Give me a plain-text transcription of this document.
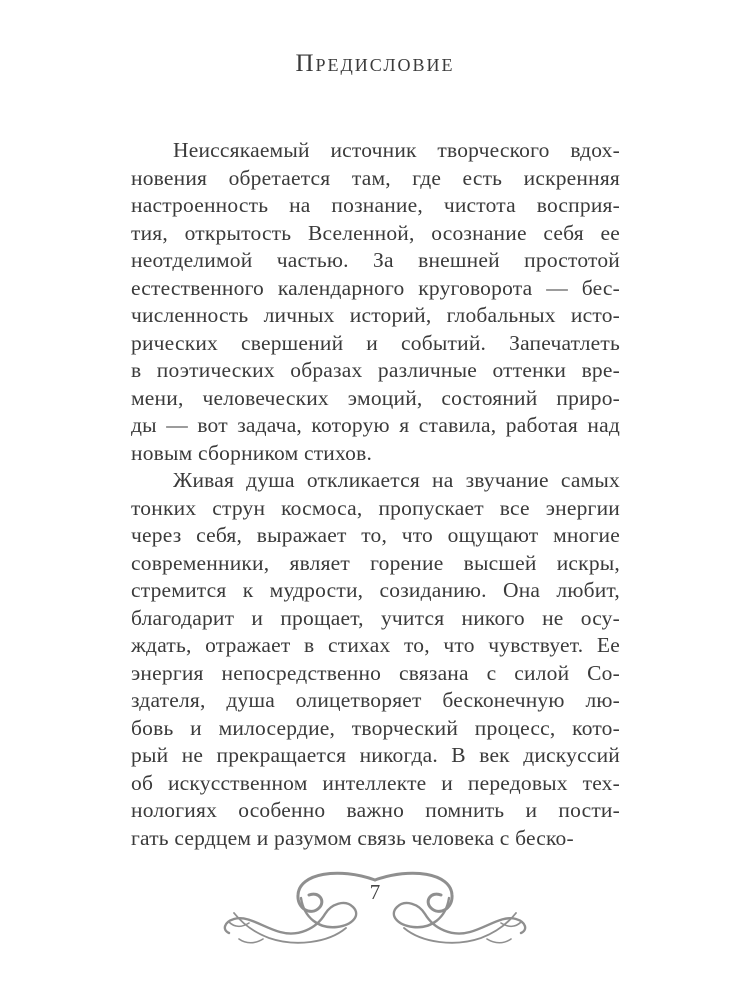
Предисловие
Неиссякаемый источник творческого вдох-
новения обретается там, где есть искренняя
настроенность на познание, чистота восприя-
тия, открытость Вселенной, осознание себя ее
неотделимой частью. За внешней простотой
естественного календарного круговорота — бес-
численность личных историй, глобальных исто-
рических свершений и событий. Запечатлеть
в поэтических образах различные оттенки вре-
мени, человеческих эмоций, состояний приро-
ды — вот задача, которую я ставила, работая над
новым сборником стихов.
Живая душа откликается на звучание самых
тонких струн космоса, пропускает все энергии
через себя, выражает то, что ощущают многие
современники, являет горение высшей искры,
стремится к мудрости, созиданию. Она любит,
благодарит и прощает, учится никого не осу-
ждать, отражает в стихах то, что чувствует. Ее
энергия непосредственно связана с силой Со-
здателя, душа олицетворяет бесконечную лю-
бовь и милосердие, творческий процесс, кото-
рый не прекращается никогда. В век дискуссий
об искусственном интеллекте и передовых тех-
нологиях особенно важно помнить и пости-
гать сердцем и разумом связь человека с беско-
7
